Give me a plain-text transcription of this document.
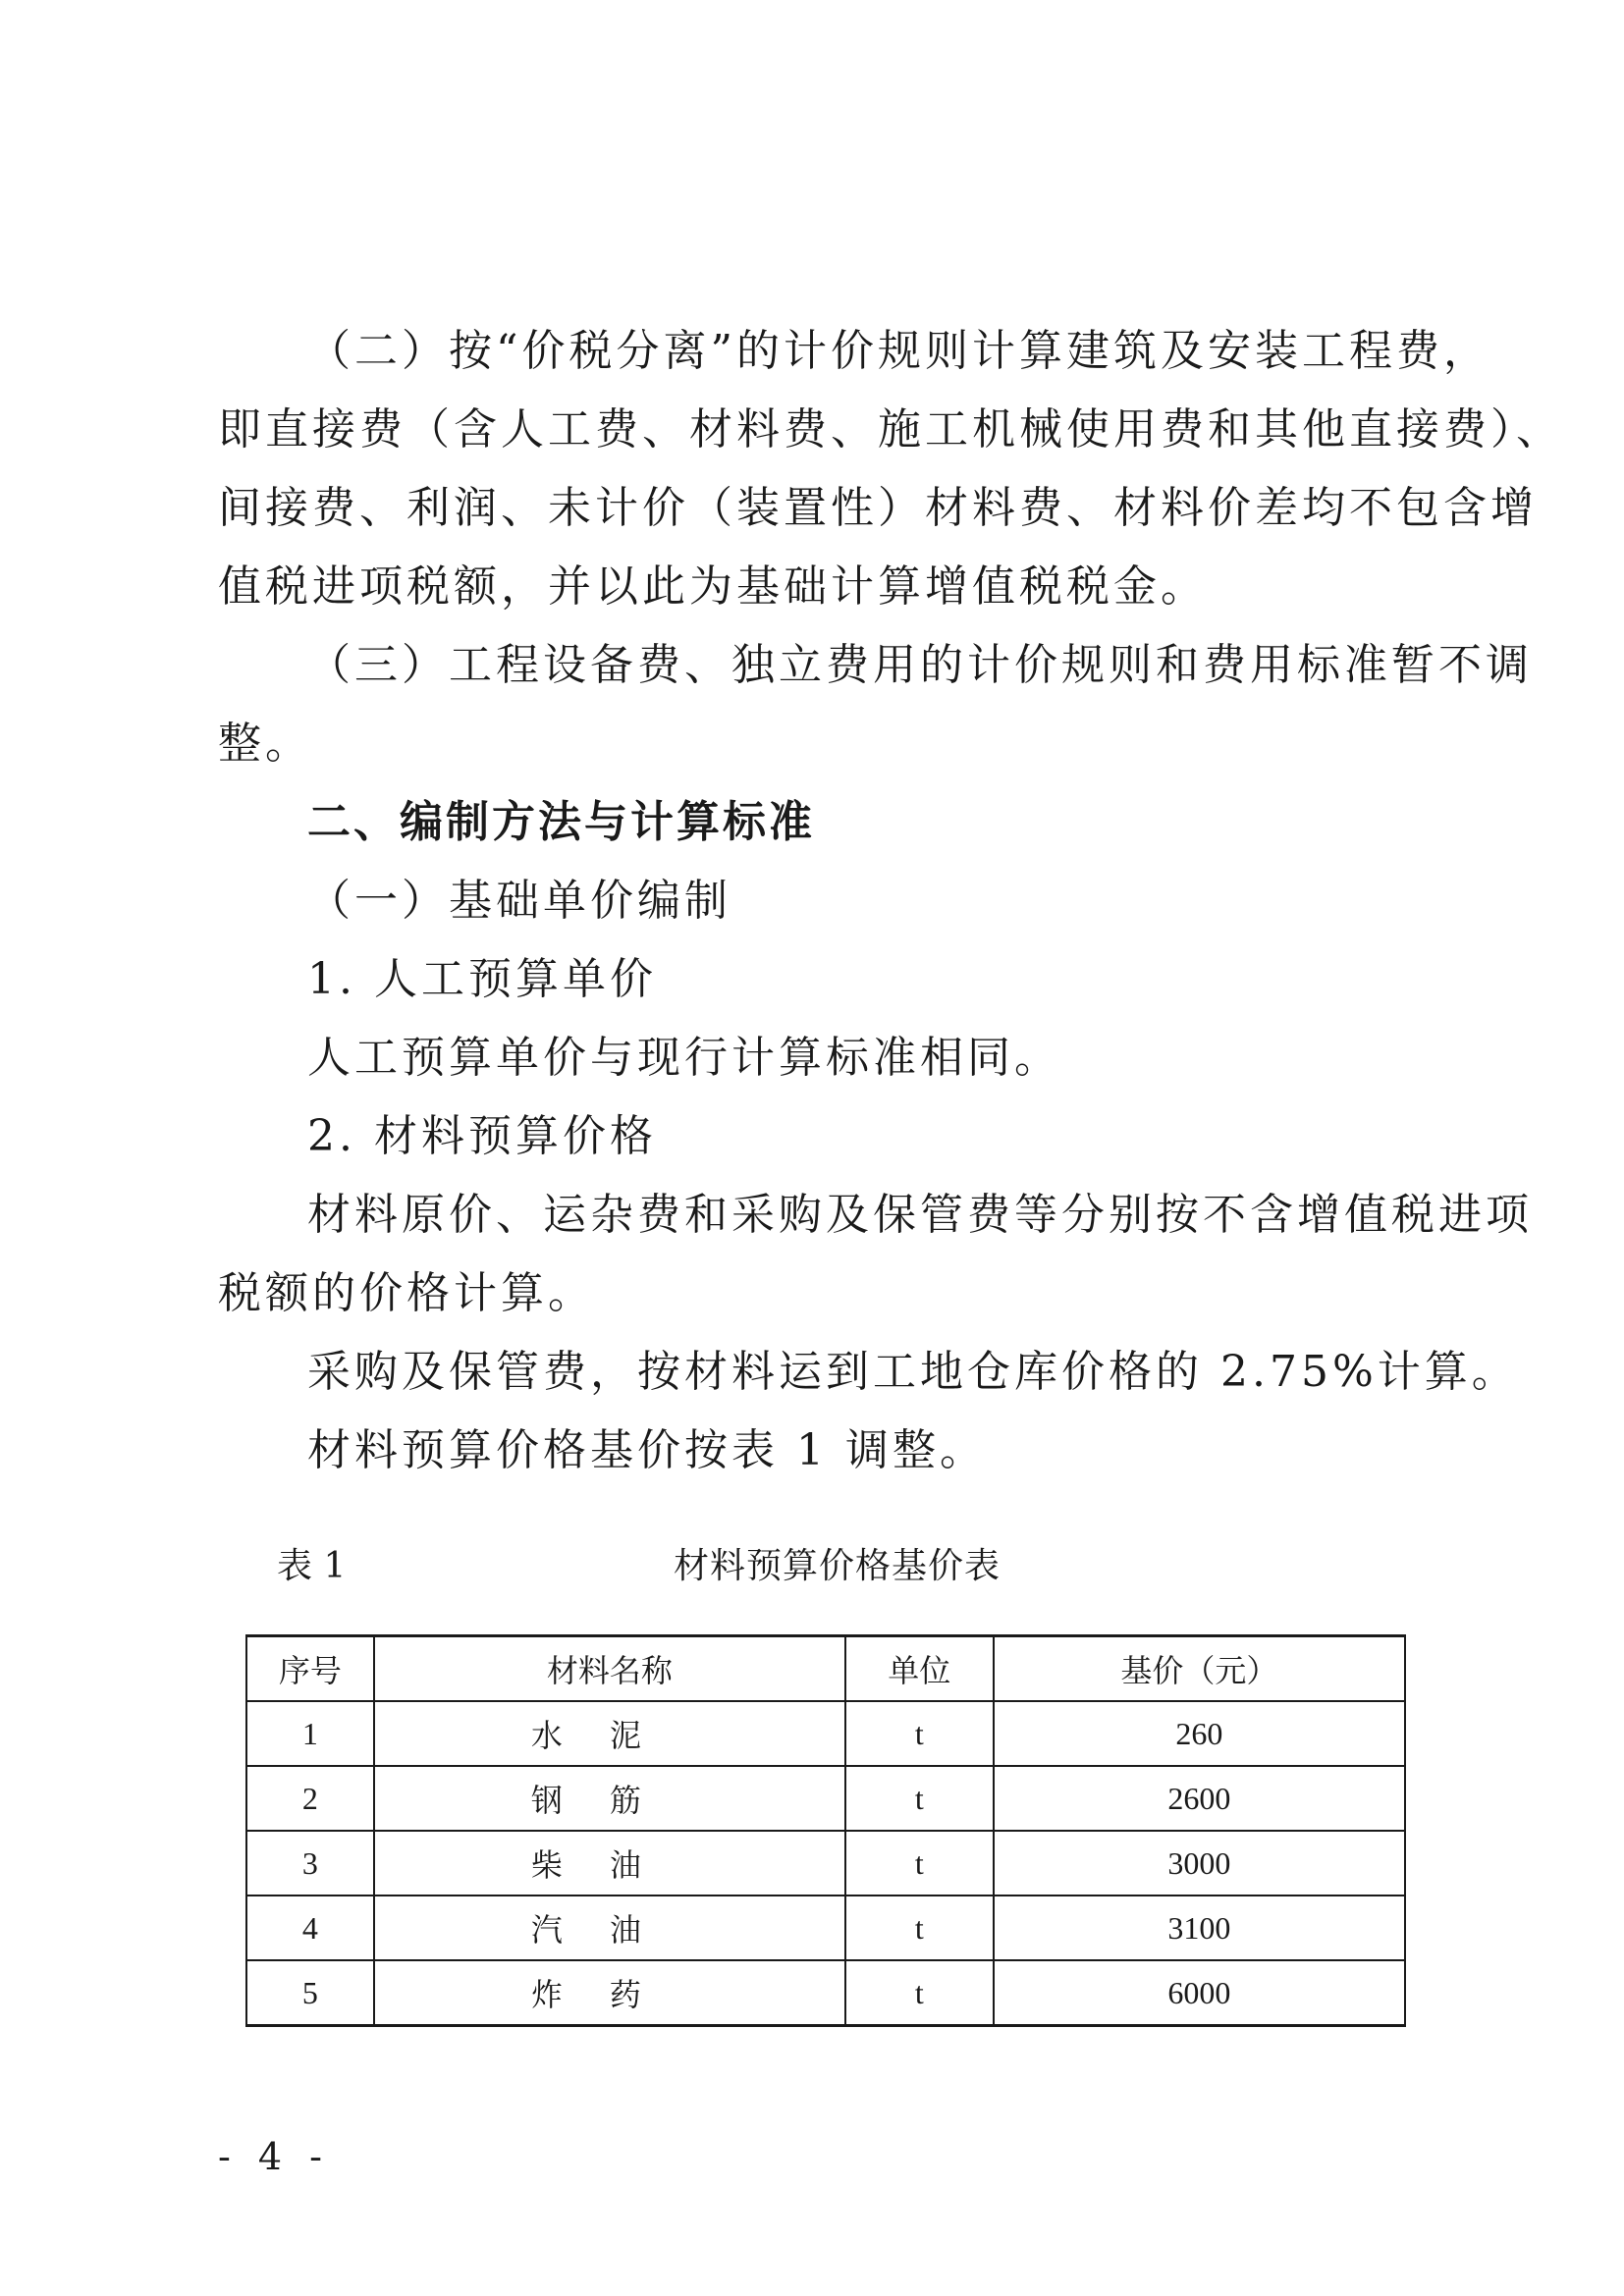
（二）按“价税分离”的计价规则计算建筑及安装工程费，
即直接费（含人工费、材料费、施工机械使用费和其他直接费）、
间接费、利润、未计价（装置性）材料费、材料价差均不包含增
值税进项税额，并以此为基础计算增值税税金。
（三）工程设备费、独立费用的计价规则和费用标准暂不调
整。
二、编制方法与计算标准
（一）基础单价编制
1. 人工预算单价
人工预算单价与现行计算标准相同。
2. 材料预算价格
材料原价、运杂费和采购及保管费等分别按不含增值税进项
税额的价格计算。
采购及保管费，按材料运到工地仓库价格的 2.75%计算。
材料预算价格基价按表 1 调整。
表 1	材料预算价格基价表
序号	材料名称	单位	基价（元）
1	水泥	t	260
2	钢筋	t	2600
3	柴油	t	3000
4	汽油	t	3100
5	炸药	t	6000
- 4 -
